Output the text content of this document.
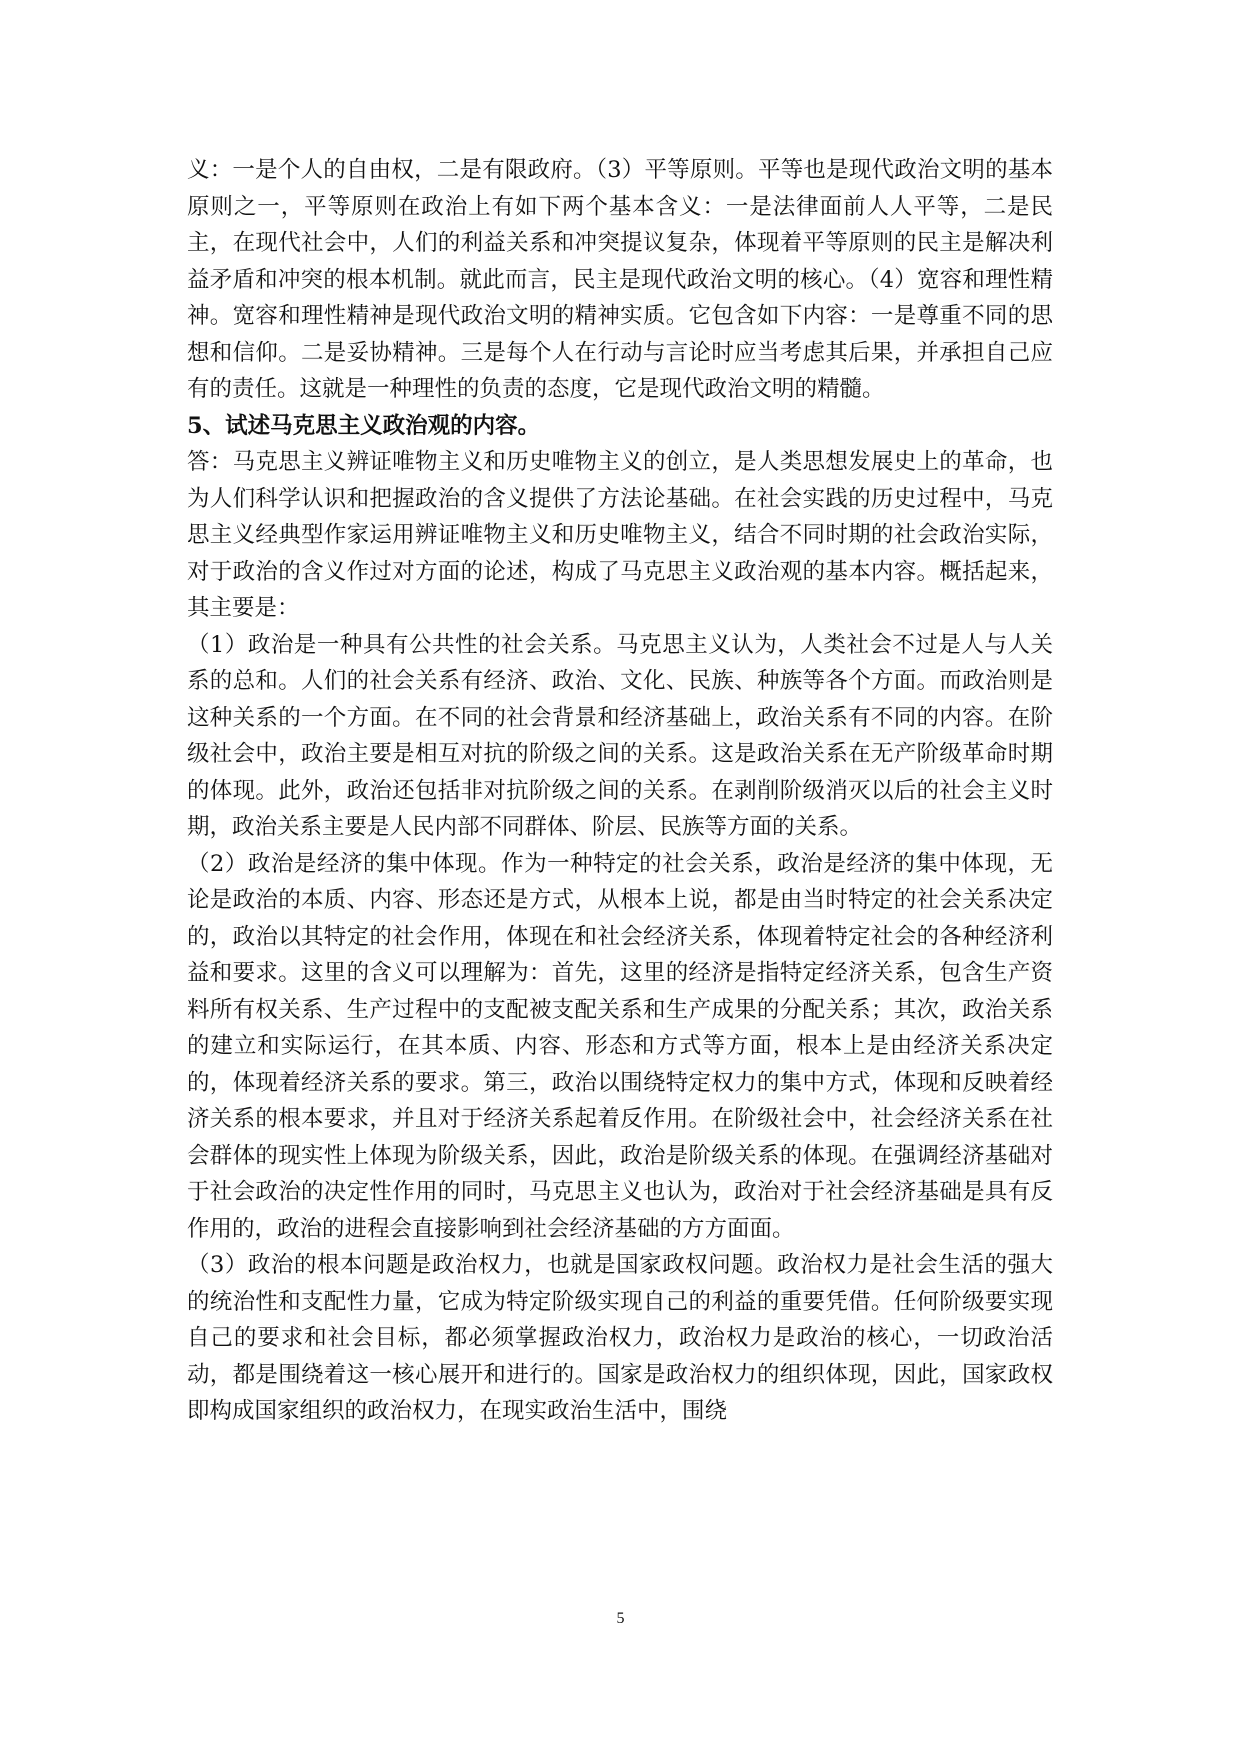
义：一是个人的自由权，二是有限政府。（3）平等原则。平等也是现代政治文明的基本原则之一，平等原则在政治上有如下两个基本含义：一是法律面前人人平等，二是民主，在现代社会中，人们的利益关系和冲突提议复杂，体现着平等原则的民主是解决利益矛盾和冲突的根本机制。就此而言，民主是现代政治文明的核心。（4）宽容和理性精神。宽容和理性精神是现代政治文明的精神实质。它包含如下内容：一是尊重不同的思想和信仰。二是妥协精神。三是每个人在行动与言论时应当考虑其后果，并承担自己应有的责任。这就是一种理性的负责的态度，它是现代政治文明的精髓。

5、试述马克思主义政治观的内容。

答：马克思主义辨证唯物主义和历史唯物主义的创立，是人类思想发展史上的革命，也为人们科学认识和把握政治的含义提供了方法论基础。在社会实践的历史过程中，马克思主义经典型作家运用辨证唯物主义和历史唯物主义，结合不同时期的社会政治实际，对于政治的含义作过对方面的论述，构成了马克思主义政治观的基本内容。概括起来，其主要是：

（1）政治是一种具有公共性的社会关系。马克思主义认为，人类社会不过是人与人关系的总和。人们的社会关系有经济、政治、文化、民族、种族等各个方面。而政治则是这种关系的一个方面。在不同的社会背景和经济基础上，政治关系有不同的内容。在阶级社会中，政治主要是相互对抗的阶级之间的关系。这是政治关系在无产阶级革命时期的体现。此外，政治还包括非对抗阶级之间的关系。在剥削阶级消灭以后的社会主义时期，政治关系主要是人民内部不同群体、阶层、民族等方面的关系。

（2）政治是经济的集中体现。作为一种特定的社会关系，政治是经济的集中体现，无论是政治的本质、内容、形态还是方式，从根本上说，都是由当时特定的社会关系决定的，政治以其特定的社会作用，体现在和社会经济关系，体现着特定社会的各种经济利益和要求。这里的含义可以理解为：首先，这里的经济是指特定经济关系，包含生产资料所有权关系、生产过程中的支配被支配关系和生产成果的分配关系；其次，政治关系的建立和实际运行，在其本质、内容、形态和方式等方面，根本上是由经济关系决定的，体现着经济关系的要求。第三，政治以围绕特定权力的集中方式，体现和反映着经济关系的根本要求，并且对于经济关系起着反作用。在阶级社会中，社会经济关系在社会群体的现实性上体现为阶级关系，因此，政治是阶级关系的体现。在强调经济基础对于社会政治的决定性作用的同时，马克思主义也认为，政治对于社会经济基础是具有反作用的，政治的进程会直接影响到社会经济基础的方方面面。

（3）政治的根本问题是政治权力，也就是国家政权问题。政治权力是社会生活的强大的统治性和支配性力量，它成为特定阶级实现自己的利益的重要凭借。任何阶级要实现自己的要求和社会目标，都必须掌握政治权力，政治权力是政治的核心，一切政治活动，都是围绕着这一核心展开和进行的。国家是政治权力的组织体现，因此，国家政权即构成国家组织的政治权力，在现实政治生活中，围绕

5
